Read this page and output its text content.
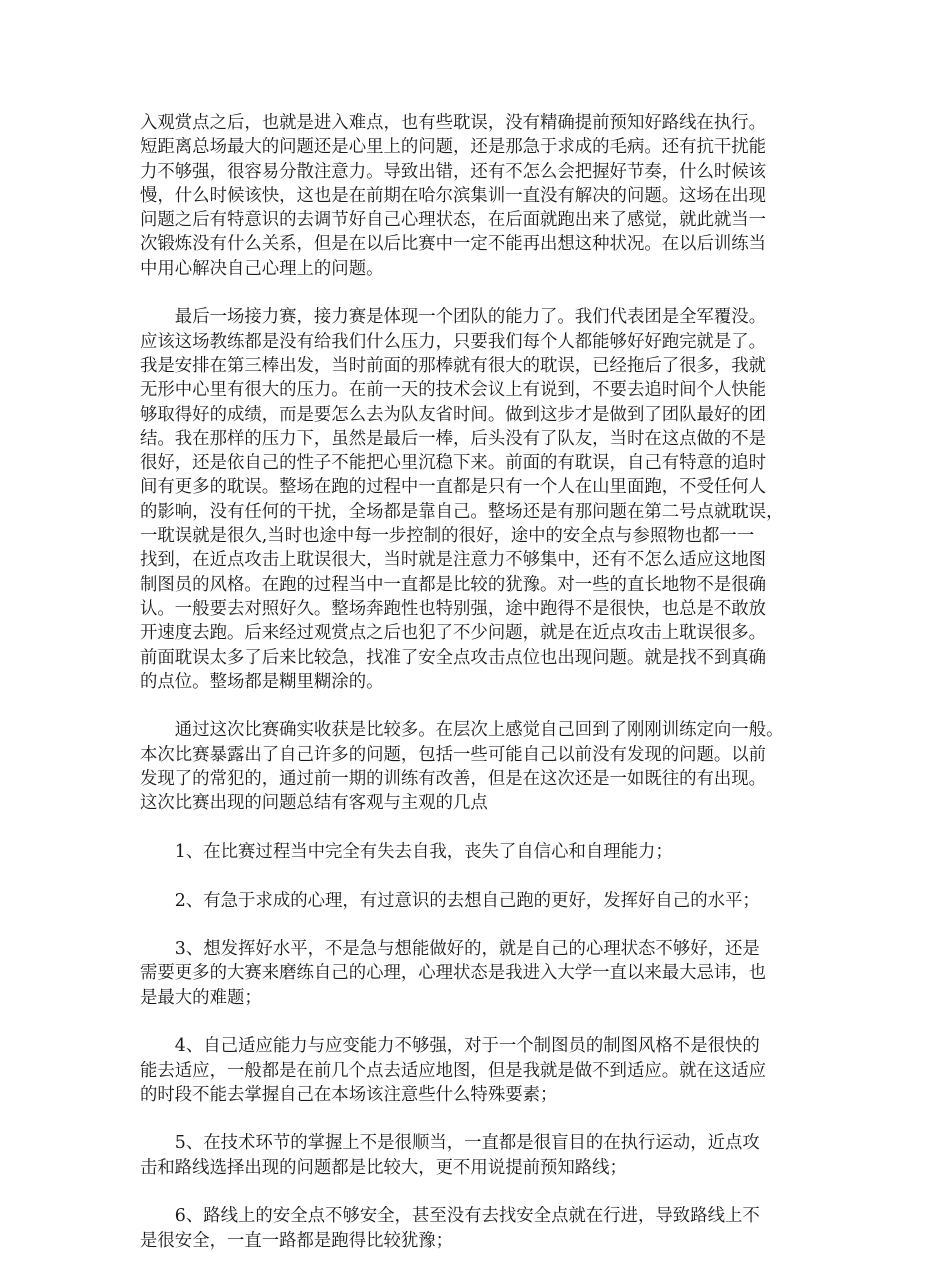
入观赏点之后，也就是进入难点，也有些耽误，没有精确提前预知好路线在执行。
短距离总场最大的问题还是心里上的问题，还是那急于求成的毛病。还有抗干扰能
力不够强，很容易分散注意力。导致出错，还有不怎么会把握好节奏，什么时候该
慢，什么时候该快，这也是在前期在哈尔滨集训一直没有解决的问题。这场在出现
问题之后有特意识的去调节好自己心理状态，在后面就跑出来了感觉，就此就当一
次锻炼没有什么关系，但是在以后比赛中一定不能再出想这种状况。在以后训练当
中用心解决自己心理上的问题。
最后一场接力赛，接力赛是体现一个团队的能力了。我们代表团是全军覆没。
应该这场教练都是没有给我们什么压力，只要我们每个人都能够好好跑完就是了。
我是安排在第三棒出发，当时前面的那棒就有很大的耽误，已经拖后了很多，我就
无形中心里有很大的压力。在前一天的技术会议上有说到，不要去追时间个人快能
够取得好的成绩，而是要怎么去为队友省时间。做到这步才是做到了团队最好的团
结。我在那样的压力下，虽然是最后一棒，后头没有了队友，当时在这点做的不是
很好，还是依自己的性子不能把心里沉稳下来。前面的有耽误，自己有特意的追时
间有更多的耽误。整场在跑的过程中一直都是只有一个人在山里面跑，不受任何人
的影响，没有任何的干扰，全场都是靠自己。整场还是有那问题在第二号点就耽误，
一耽误就是很久,当时也途中每一步控制的很好，途中的安全点与参照物也都一一
找到，在近点攻击上耽误很大，当时就是注意力不够集中，还有不怎么适应这地图
制图员的风格。在跑的过程当中一直都是比较的犹豫。对一些的直长地物不是很确
认。一般要去对照好久。整场奔跑性也特别强，途中跑得不是很快，也总是不敢放
开速度去跑。后来经过观赏点之后也犯了不少问题，就是在近点攻击上耽误很多。
前面耽误太多了后来比较急，找准了安全点攻击点位也出现问题。就是找不到真确
的点位。整场都是糊里糊涂的。
通过这次比赛确实收获是比较多。在层次上感觉自己回到了刚刚训练定向一般。
本次比赛暴露出了自己许多的问题，包括一些可能自己以前没有发现的问题。以前
发现了的常犯的，通过前一期的训练有改善，但是在这次还是一如既往的有出现。
这次比赛出现的问题总结有客观与主观的几点
1、在比赛过程当中完全有失去自我，丧失了自信心和自理能力；
2、有急于求成的心理，有过意识的去想自己跑的更好，发挥好自己的水平；
3、想发挥好水平，不是急与想能做好的，就是自己的心理状态不够好，还是
需要更多的大赛来磨练自己的心理，心理状态是我进入大学一直以来最大忌讳，也
是最大的难题；
4、自己适应能力与应变能力不够强，对于一个制图员的制图风格不是很快的
能去适应，一般都是在前几个点去适应地图，但是我就是做不到适应。就在这适应
的时段不能去掌握自己在本场该注意些什么特殊要素；
5、在技术环节的掌握上不是很顺当，一直都是很盲目的在执行运动，近点攻
击和路线选择出现的问题都是比较大，更不用说提前预知路线；
6、路线上的安全点不够安全，甚至没有去找安全点就在行进，导致路线上不
是很安全，一直一路都是跑得比较犹豫；
